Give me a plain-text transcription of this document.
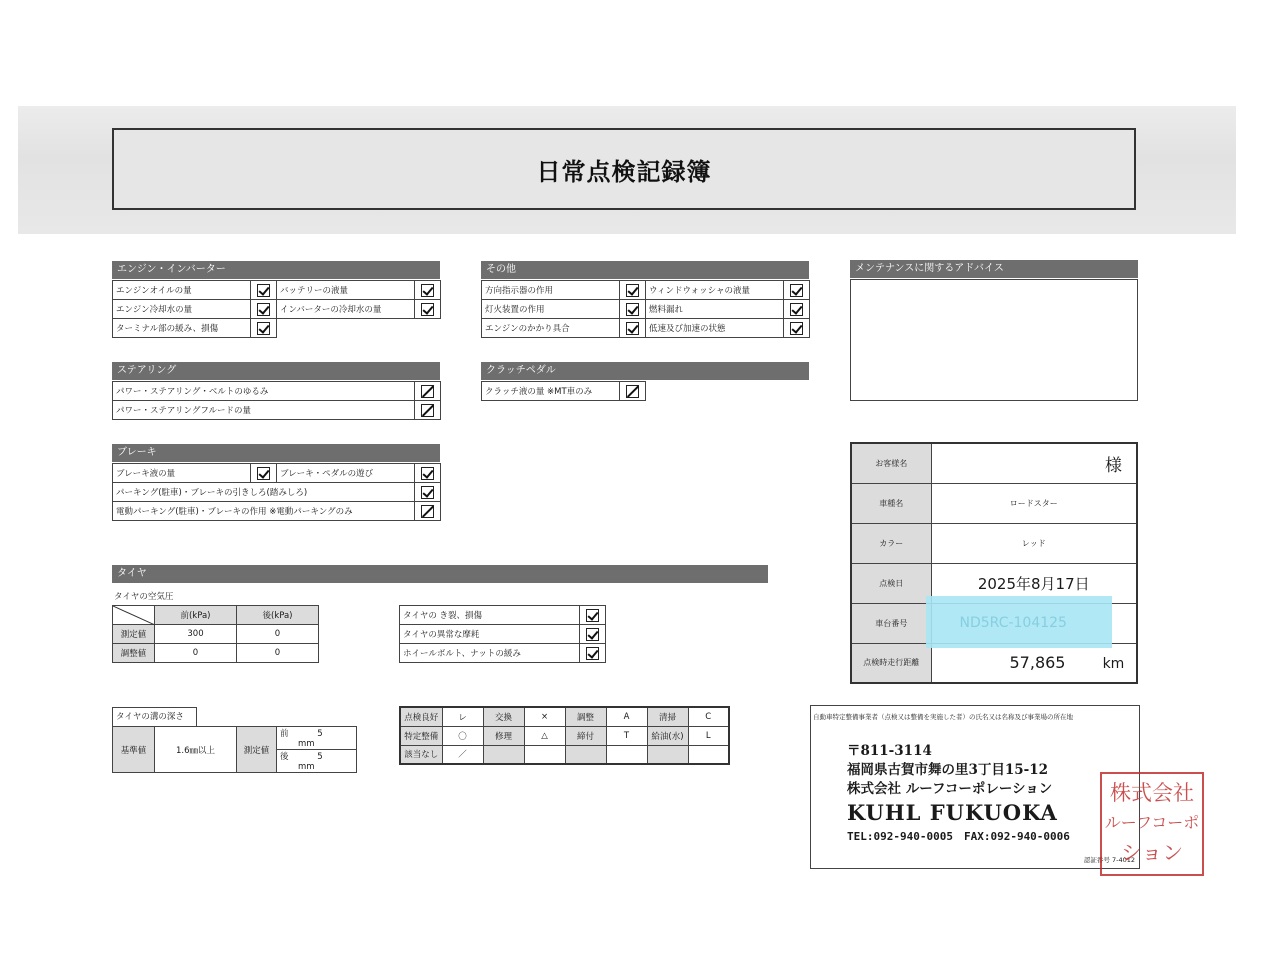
日常点検記録簿
エンジン・インバーター
エンジンオイルの量		バッテリーの液量	
エンジン冷却水の量		インバーターの冷却水の量	
ターミナル部の緩み、損傷			
その他
方向指示器の作用		ウィンドウォッシャの液量	
灯火装置の作用		燃料漏れ	
エンジンのかかり具合		低速及び加速の状態	
メンテナンスに関するアドバイス
ステアリング
パワー・ステアリング・ベルトのゆるみ	
パワー・ステアリングフルードの量	
クラッチペダル
クラッチ液の量 ※MT車のみ	
ブレーキ
ブレーキ液の量		ブレーキ・ペダルの遊び	
パーキング(駐車)・ブレーキの引きしろ(踏みしろ)			
電動パーキング(駐車)・ブレーキの作用 ※電動パーキングのみ			
タイヤ
タイヤの空気圧
	前(kPa)	後(kPa)
測定値	300	0
調整値	0	0
タイヤの き裂、損傷	
タイヤの異常な摩耗	
ホイールボルト、ナットの緩み	
タイヤの溝の深さ
基準値	1.6㎜以上	測定値	前	5 mm
後	5 mm
点検良好	レ	交換	×	調整	A	清掃	C
特定整備	〇	修理	△	締付	T	給油(水)	L
該当なし	／						
お客様名	様
車種名	ロードスター
カラー	レッド
点検日	2025年8月17日
車台番号	ND5RC-104125
点検時走行距離	57,865 km
自動車特定整備事業者（点検又は整備を実施した者）の氏名又は名称及び事業場の所在地
〒811-3114
福岡県古賀市舞の里3丁目15-12
株式会社 ルーフコーポレーション
KUHL FUKUOKA
TEL:092-940-0005　FAX:092-940-0006
認証番号 7-4012
株式会社
ルーフコーポ
ション
